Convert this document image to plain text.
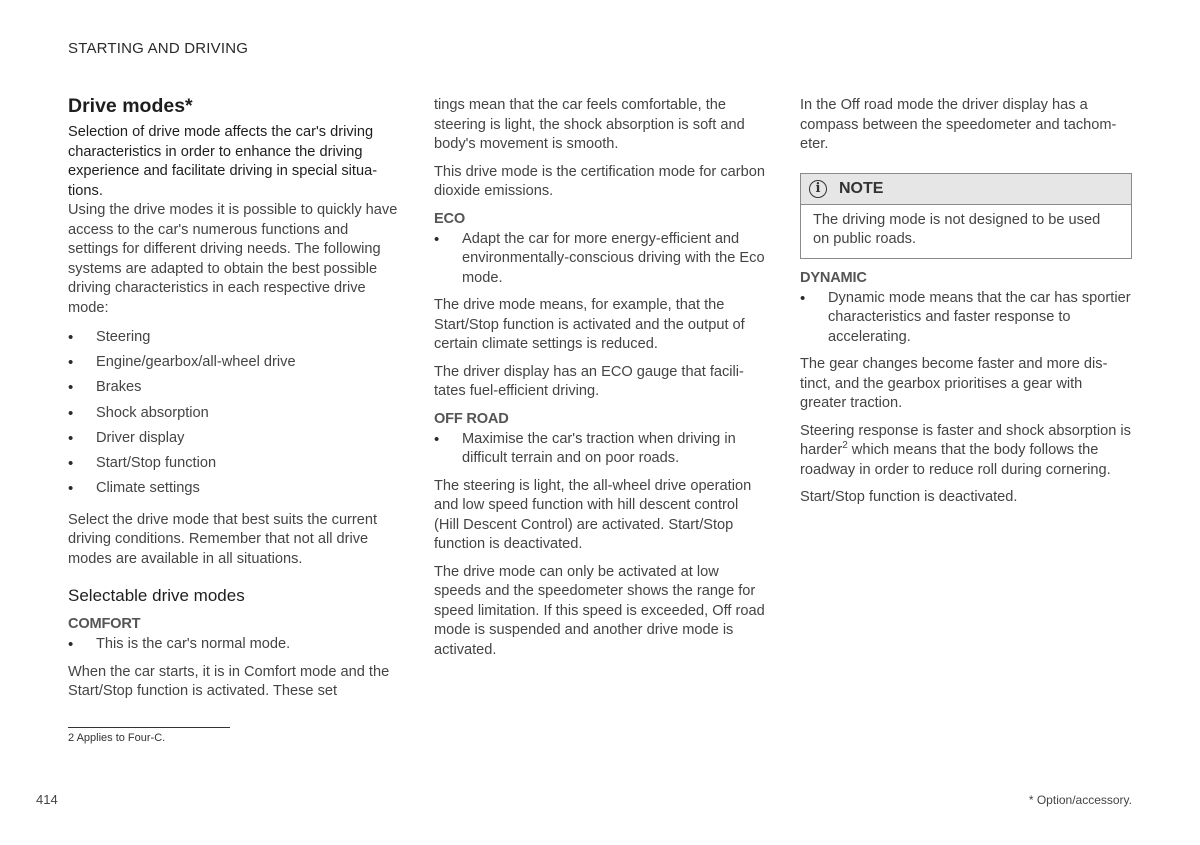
STARTING AND DRIVING
Drive modes*

Selection of drive mode affects the car's driving characteristics in order to enhance the driving experience and facilitate driving in special situations.

Using the drive modes it is possible to quickly have access to the car's numerous functions and settings for different driving needs. The following systems are adapted to obtain the best possible driving characteristics in each respective drive mode:

• Steering
• Engine/gearbox/all-wheel drive
• Brakes
• Shock absorption
• Driver display
• Start/Stop function
• Climate settings

Select the drive mode that best suits the current driving conditions. Remember that not all drive modes are available in all situations.

Selectable drive modes
COMFORT
• This is the car's normal mode.

When the car starts, it is in Comfort mode and the Start/Stop function is activated. These set

tings mean that the car feels comfortable, the steering is light, the shock absorption is soft and body's movement is smooth.

This drive mode is the certification mode for carbon dioxide emissions.

ECO
• Adapt the car for more energy-efficient and environmentally-conscious driving with the Eco mode.

The drive mode means, for example, that the Start/Stop function is activated and the output of certain climate settings is reduced.

The driver display has an ECO gauge that facilitates fuel-efficient driving.

OFF ROAD
• Maximise the car's traction when driving in difficult terrain and on poor roads.

The steering is light, the all-wheel drive operation and low speed function with hill descent control (Hill Descent Control) are activated. Start/Stop function is deactivated.

The drive mode can only be activated at low speeds and the speedometer shows the range for speed limitation. If this speed is exceeded, Off road mode is suspended and another drive mode is activated.

In the Off road mode the driver display has a compass between the speedometer and tachometer.

i	NOTE
The driving mode is not designed to be used on public roads.
DYNAMIC
• Dynamic mode means that the car has sportier characteristics and faster response to accelerating.

The gear changes become faster and more distinct, and the gearbox prioritises a gear with greater traction.

Steering response is faster and shock absorption is harder$^2$ which means that the body follows the roadway in order to reduce roll during cornering.

Start/Stop function is deactivated.

2 Applies to Four-C.
414	* Option/accessory.
